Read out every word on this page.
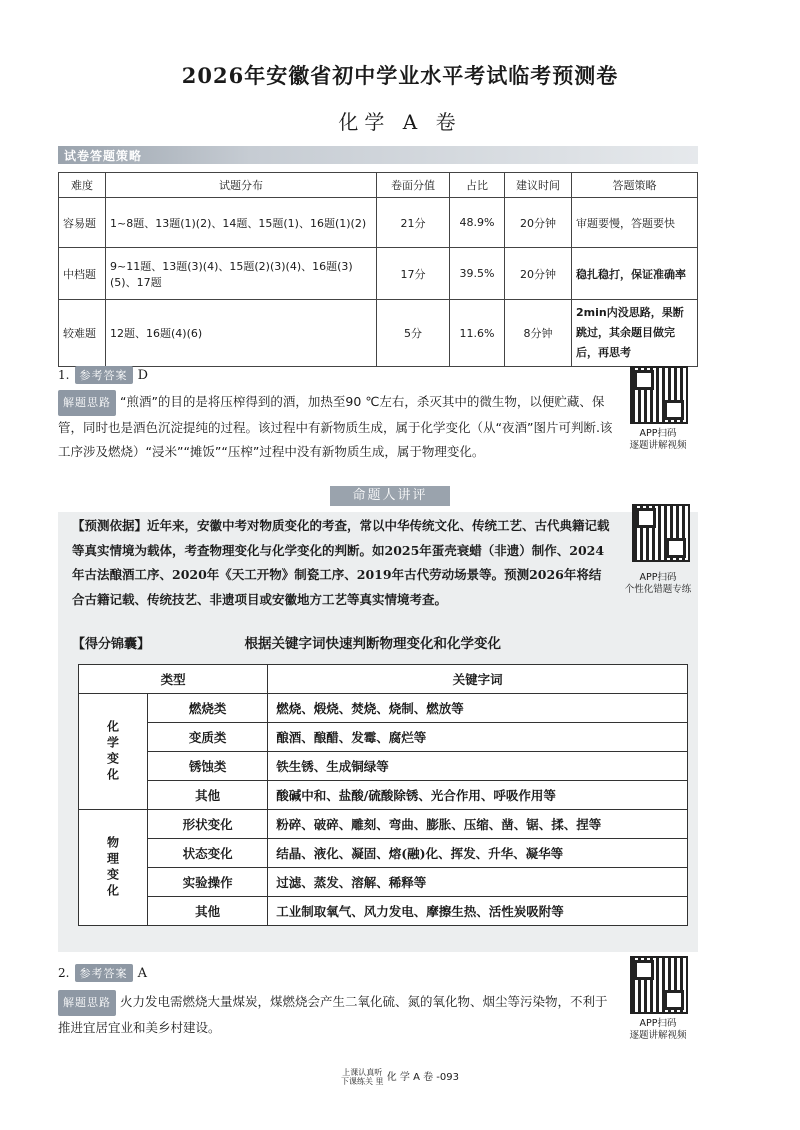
2026年安徽省初中学业水平考试临考预测卷
化学 A 卷
试卷答题策略
难度	试题分布	卷面分值	占比	建议时间	答题策略
容易题	1~8题、13题(1)(2)、14题、15题(1)、16题(1)(2)	21分	48.9%	20分钟	审题要慢，答题要快
中档题	9~11题、13题(3)(4)、15题(2)(3)(4)、16题(3)(5)、17题	17分	39.5%	20分钟	稳扎稳打，保证准确率
较难题	12题、16题(4)(6)	5分	11.6%	8分钟	2min内没思路，果断跳过，其余题目做完后，再思考
1. 参考答案 D
解题思路 “煎酒”的目的是将压榨得到的酒，加热至90 ℃左右，杀灭其中的微生物，以便贮藏、保管，同时也是酒色沉淀提纯的过程。该过程中有新物质生成，属于化学变化（从“夜酒”图片可判断.该工序涉及燃烧）“浸米”“摊饭”“压榨”过程中没有新物质生成，属于物理变化。
APP扫码
逐题讲解视频
命题人讲评
【预测依据】近年来，安徽中考对物质变化的考查，常以中华传统文化、传统工艺、古代典籍记载等真实情境为载体，考查物理变化与化学变化的判断。如2025年蛋壳衰蜡（非遗）制作、2024年古法酿酒工序、2020年《天工开物》制瓷工序、2019年古代劳动场景等。预测2026年将结合古籍记载、传统技艺、非遗项目或安徽地方工艺等真实情境考查。
APP扫码
个性化错题专练
【得分锦囊】	根据关键字词快速判断物理变化和化学变化
类型		关键字词
化学变化	燃烧类	燃烧、煅烧、焚烧、烧制、燃放等
	变质类	酿酒、酿醋、发霉、腐烂等
	锈蚀类	铁生锈、生成铜绿等
	其他	酸碱中和、盐酸/硫酸除锈、光合作用、呼吸作用等
物理变化	形状变化	粉碎、破碎、雕刻、弯曲、膨胀、压缩、凿、锯、揉、捏等
	状态变化	结晶、液化、凝固、熔(融)化、挥发、升华、凝华等
	实验操作	过滤、蒸发、溶解、稀释等
	其他	工业制取氧气、风力发电、摩擦生热、活性炭吸附等
2. 参考答案 A
解题思路 火力发电需燃烧大量煤炭，煤燃烧会产生二氧化硫、氮的氧化物、烟尘等污染物，不利于推进宜居宜业和美乡村建设。	APP扫码
逐题讲解视频
上课认真听
下课练关 里 化 学 A 卷 -093
